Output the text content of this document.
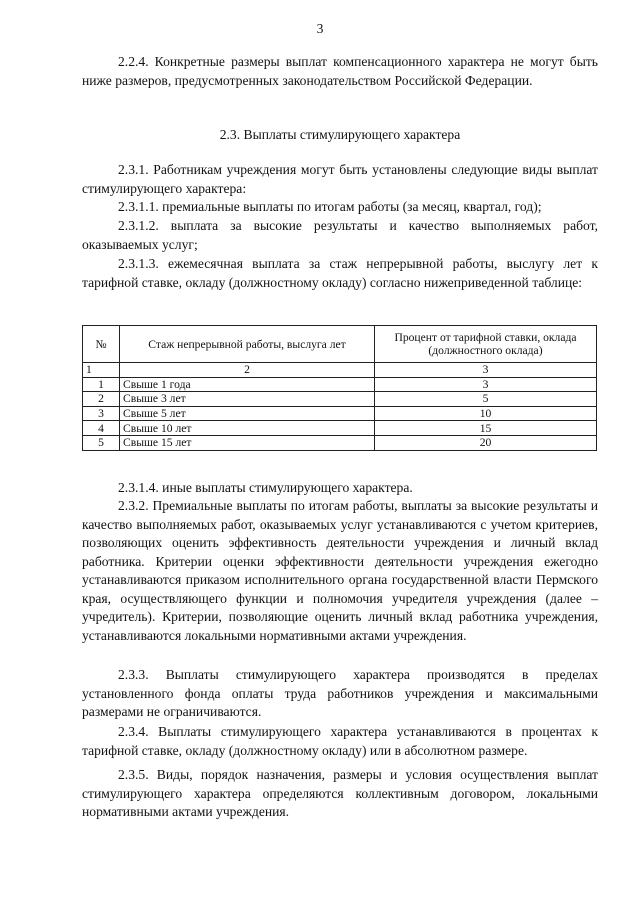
3
2.2.4. Конкретные размеры выплат компенсационного характера не могут быть ниже размеров, предусмотренных законодательством Российской Федерации.
2.3. Выплаты стимулирующего характера
2.3.1. Работникам учреждения могут быть установлены следующие виды выплат стимулирующего характера:
2.3.1.1. премиальные выплаты по итогам работы (за месяц, квартал, год);
2.3.1.2. выплата за высокие результаты и качество выполняемых работ, оказываемых услуг;
2.3.1.3. ежемесячная выплата за стаж непрерывной работы, выслугу лет к тарифной ставке, окладу (должностному окладу) согласно нижеприведенной таблице:
№	Стаж непрерывной работы, выслуга лет	Процент от тарифной ставки, оклада (должностного оклада)
1	2	3
1	Свыше 1 года	3
2	Свыше 3 лет	5
3	Свыше 5 лет	10
4	Свыше 10 лет	15
5	Свыше 15 лет	20
2.3.1.4. иные выплаты стимулирующего характера.
2.3.2. Премиальные выплаты по итогам работы, выплаты за высокие результаты и качество выполняемых работ, оказываемых услуг устанавливаются с учетом критериев, позволяющих оценить эффективность деятельности учреждения и личный вклад работника. Критерии оценки эффективности деятельности учреждения ежегодно устанавливаются приказом исполнительного органа государственной власти Пермского края, осуществляющего функции и полномочия учредителя учреждения (далее – учредитель). Критерии, позволяющие оценить личный вклад работника учреждения, устанавливаются локальными нормативными актами учреждения.
2.3.3. Выплаты стимулирующего характера производятся в пределах установленного фонда оплаты труда работников учреждения и максимальными размерами не ограничиваются.
2.3.4. Выплаты стимулирующего характера устанавливаются в процентах к тарифной ставке, окладу (должностному окладу) или в абсолютном размере.
2.3.5. Виды, порядок назначения, размеры и условия осуществления выплат стимулирующего характера определяются коллективным договором, локальными нормативными актами учреждения.
